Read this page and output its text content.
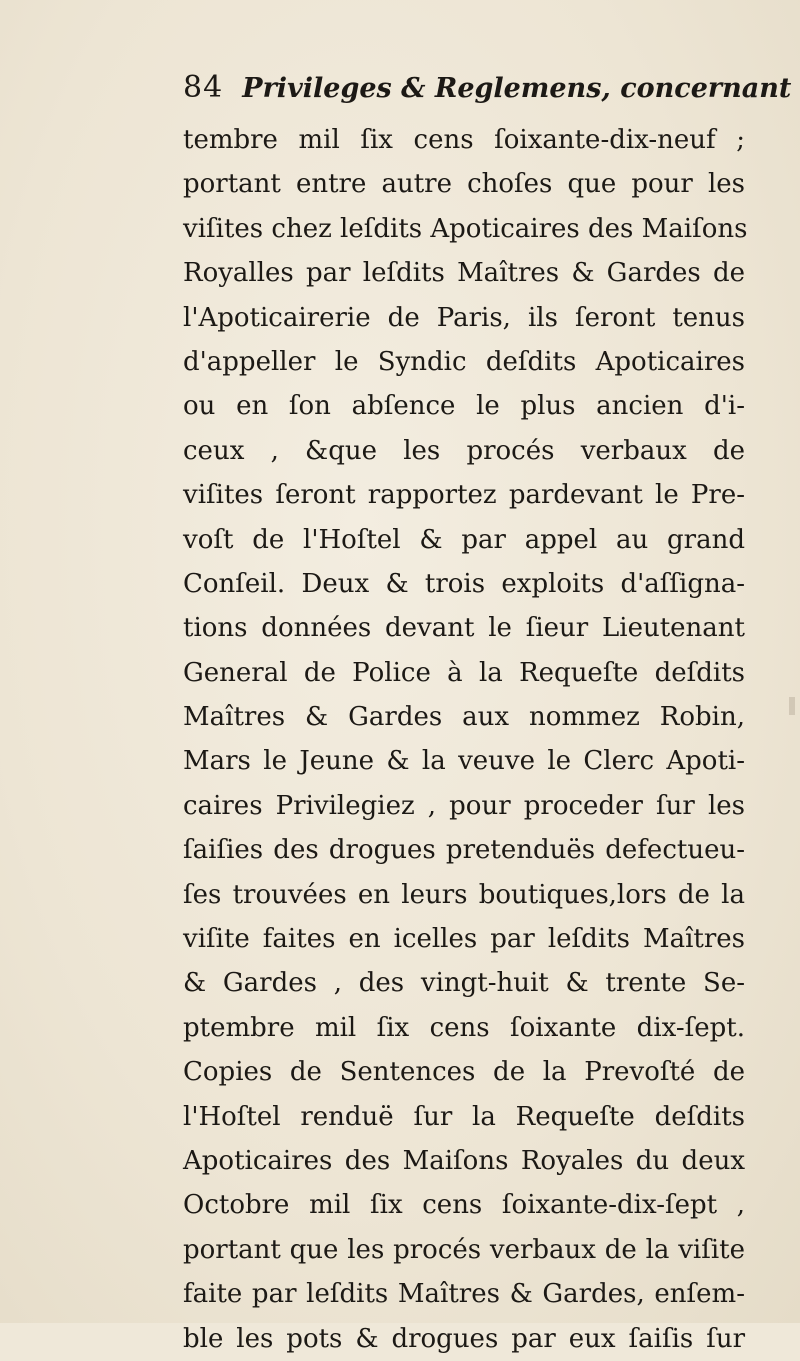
84 Privileges & Reglemens, concernant
tembre mil ſix cens ſoixante-dix-neuf ;
portant entre autre choſes que pour les
viſites chez leſdits Apoticaires des Maiſons
Royalles par leſdits Maîtres & Gardes de
l'Apoticairerie de Paris, ils ſeront tenus
d'appeller le Syndic deſdits Apoticaires
ou en ſon abſence le plus ancien d'i-
ceux , &que les procés verbaux de
viſites ſeront rapportez pardevant le Pre-
voſt de l'Hoſtel & par appel au grand
Conſeil. Deux & trois exploits d'aſſigna-
tions données devant le ſieur Lieutenant
General de Police à la Requeſte deſdits
Maîtres & Gardes aux nommez Robin,
Mars le Jeune & la veuve le Clerc Apoti-
caires Privilegiez , pour proceder ſur les
ſaiſies des drogues pretenduës defectueu-
ſes trouvées en leurs boutiques,lors de la
viſite faites en icelles par leſdits Maîtres
& Gardes , des vingt-huit & trente Se-
ptembre mil ſix cens ſoixante dix-ſept.
Copies de Sentences de la Prevoſté de
l'Hoſtel renduë ſur la Requeſte deſdits
Apoticaires des Maiſons Royales du deux
Octobre mil ſix cens ſoixante-dix-ſept ,
portant que les procés verbaux de la viſite
faite par leſdits Maîtres & Gardes, enſem-
ble les pots & drogues par eux ſaiſis ſur
